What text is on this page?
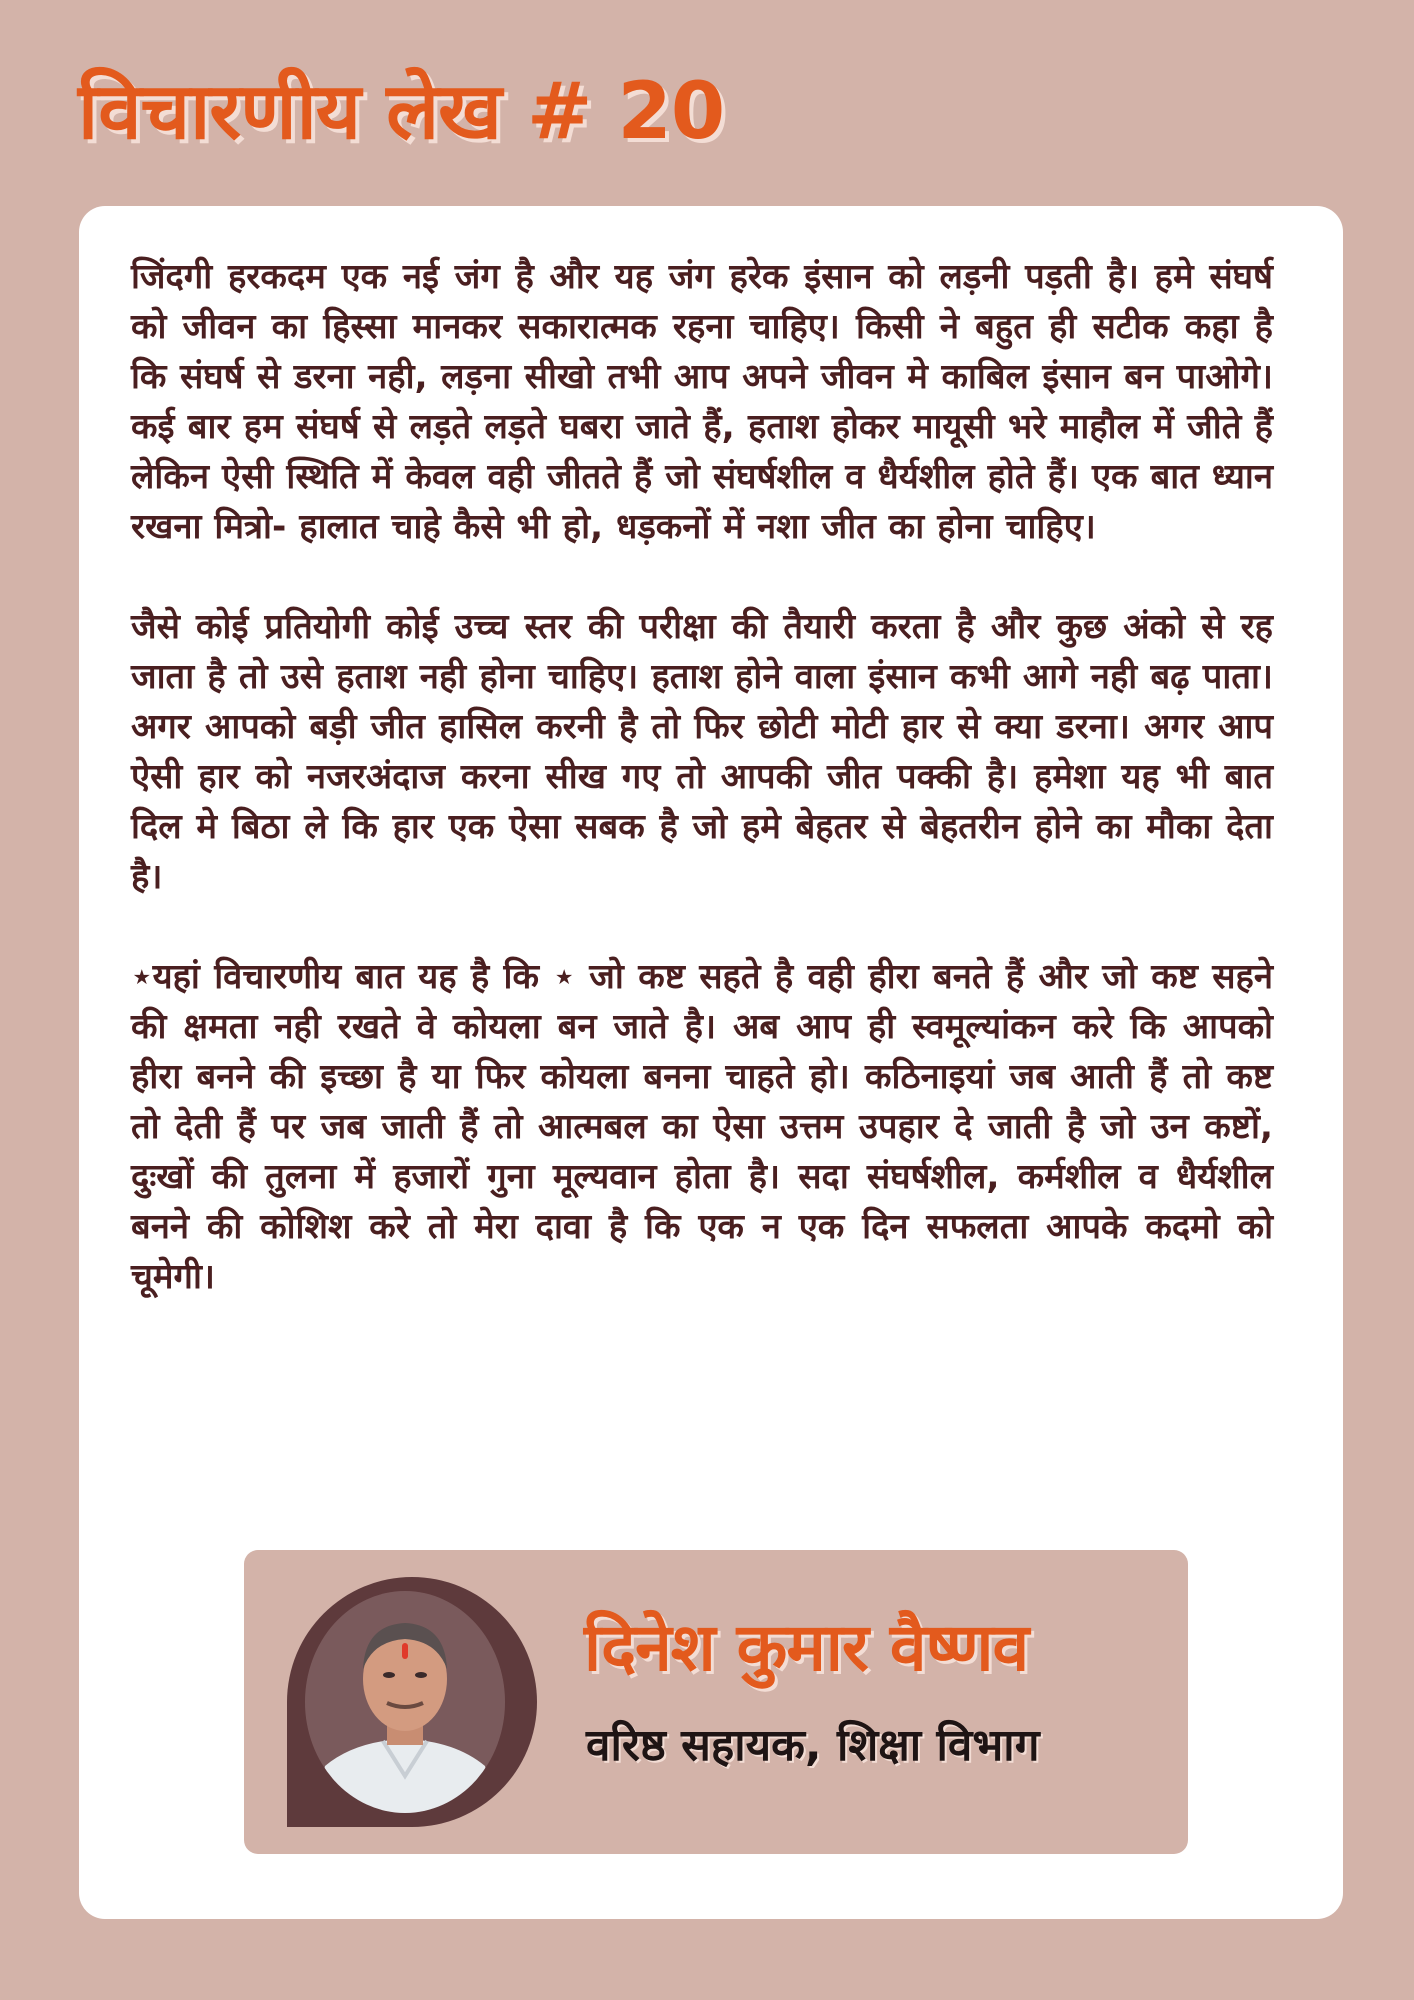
विचारणीय लेख # 20

जिंदगी हरकदम एक नई जंग है और यह जंग हरेक इंसान को लड़नी पड़ती है। हमे संघर्ष को जीवन का हिस्सा मानकर सकारात्मक रहना चाहिए। किसी ने बहुत ही सटीक कहा है कि संघर्ष से डरना नही, लड़ना सीखो तभी आप अपने जीवन मे काबिल इंसान बन पाओगे। कई बार हम संघर्ष से लड़ते लड़ते घबरा जाते हैं, हताश होकर मायूसी भरे माहौल में जीते हैं लेकिन ऐसी स्थिति में केवल वही जीतते हैं जो संघर्षशील व धैर्यशील होते हैं। एक बात ध्यान रखना मित्रो- हालात चाहे कैसे भी हो, धड़कनों में नशा जीत का होना चाहिए।

जैसे कोई प्रतियोगी कोई उच्च स्तर की परीक्षा की तैयारी करता है और कुछ अंको से रह जाता है तो उसे हताश नही होना चाहिए। हताश होने वाला इंसान कभी आगे नही बढ़ पाता। अगर आपको बड़ी जीत हासिल करनी है तो फिर छोटी मोटी हार से क्या डरना। अगर आप ऐसी हार को नजरअंदाज करना सीख गए तो आपकी जीत पक्की है। हमेशा यह भी बात दिल मे बिठा ले कि हार एक ऐसा सबक है जो हमे बेहतर से बेहतरीन होने का मौका देता है।

⋆यहां विचारणीय बात यह है कि ⋆ जो कष्ट सहते है वही हीरा बनते हैं और जो कष्ट सहने की क्षमता नही रखते वे कोयला बन जाते है। अब आप ही स्वमूल्यांकन करे कि आपको हीरा बनने की इच्छा है या फिर कोयला बनना चाहते हो। कठिनाइयां जब आती हैं तो कष्ट तो देती हैं पर जब जाती हैं तो आत्मबल का ऐसा उत्तम उपहार दे जाती है जो उन कष्टों, दुःखों की तुलना में हजारों गुना मूल्यवान होता है। सदा संघर्षशील, कर्मशील व धैर्यशील बनने की कोशिश करे तो मेरा दावा है कि एक न एक दिन सफलता आपके कदमो को चूमेगी।

दिनेश कुमार वैष्णव
वरिष्ठ सहायक, शिक्षा विभाग
